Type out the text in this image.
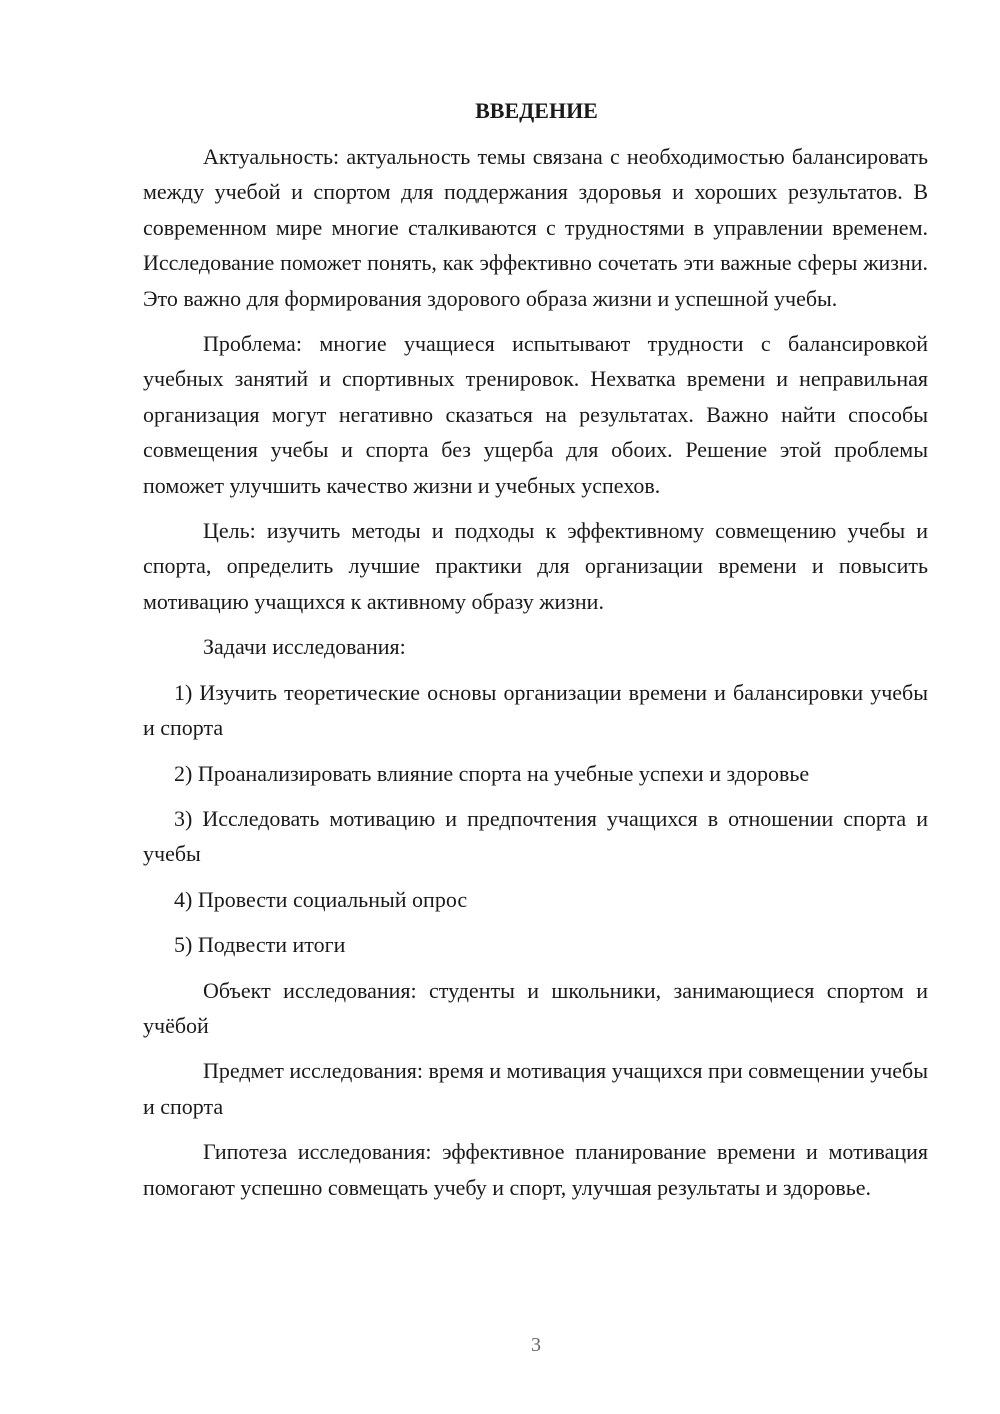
ВВЕДЕНИЕ

Актуальность: актуальность темы связана с необходимостью балансировать между учебой и спортом для поддержания здоровья и хороших результатов. В современном мире многие сталкиваются с трудностями в управлении временем. Исследование поможет понять, как эффективно сочетать эти важные сферы жизни. Это важно для формирования здорового образа жизни и успешной учебы.

Проблема: многие учащиеся испытывают трудности с балансировкой учебных занятий и спортивных тренировок. Нехватка времени и неправильная организация могут негативно сказаться на результатах. Важно найти способы совмещения учебы и спорта без ущерба для обоих. Решение этой проблемы поможет улучшить качество жизни и учебных успехов.

Цель: изучить методы и подходы к эффективному совмещению учебы и спорта, определить лучшие практики для организации времени и повысить мотивацию учащихся к активному образу жизни.

Задачи исследования:

1) Изучить теоретические основы организации времени и балансировки учебы и спорта

2) Проанализировать влияние спорта на учебные успехи и здоровье

3) Исследовать мотивацию и предпочтения учащихся в отношении спорта и учебы

4) Провести социальный опрос

5) Подвести итоги

Объект исследования: студенты и школьники, занимающиеся спортом и учёбой

Предмет исследования: время и мотивация учащихся при совмещении учебы и спорта

Гипотеза исследования: эффективное планирование времени и мотивация помогают успешно совмещать учебу и спорт, улучшая результаты и здоровье.

3
